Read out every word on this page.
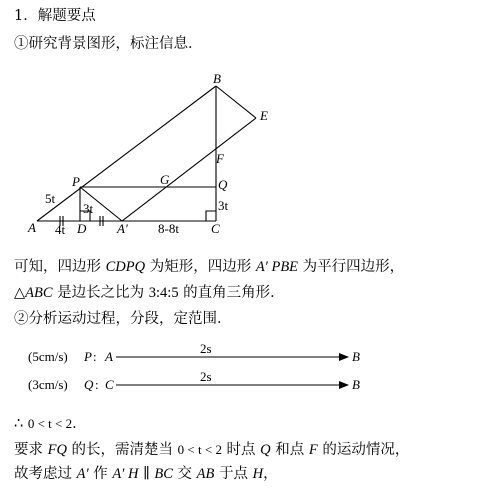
1．解题要点
①研究背景图形，标注信息．
B
E
F
P	G	Q
A	D A′	C
5t
4t
3t	3t
8-8t
可知，四边形 CDPQ 为矩形，四边形 A′ PBE 为平行四边形，
△ABC 是边长之比为 3:4:5 的直角三角形．
②分析运动过程，分段，定范围．
(5cm/s) P : A
2s
B
(3cm/s) Q : C
2s
B
∴ 0 < t < 2．
要求 FQ 的长，需清楚当 0 < t < 2 时点 Q 和点 F 的运动情况，
故考虑过 A′ 作 A′ H ∥ BC 交 AB 于点 H，
